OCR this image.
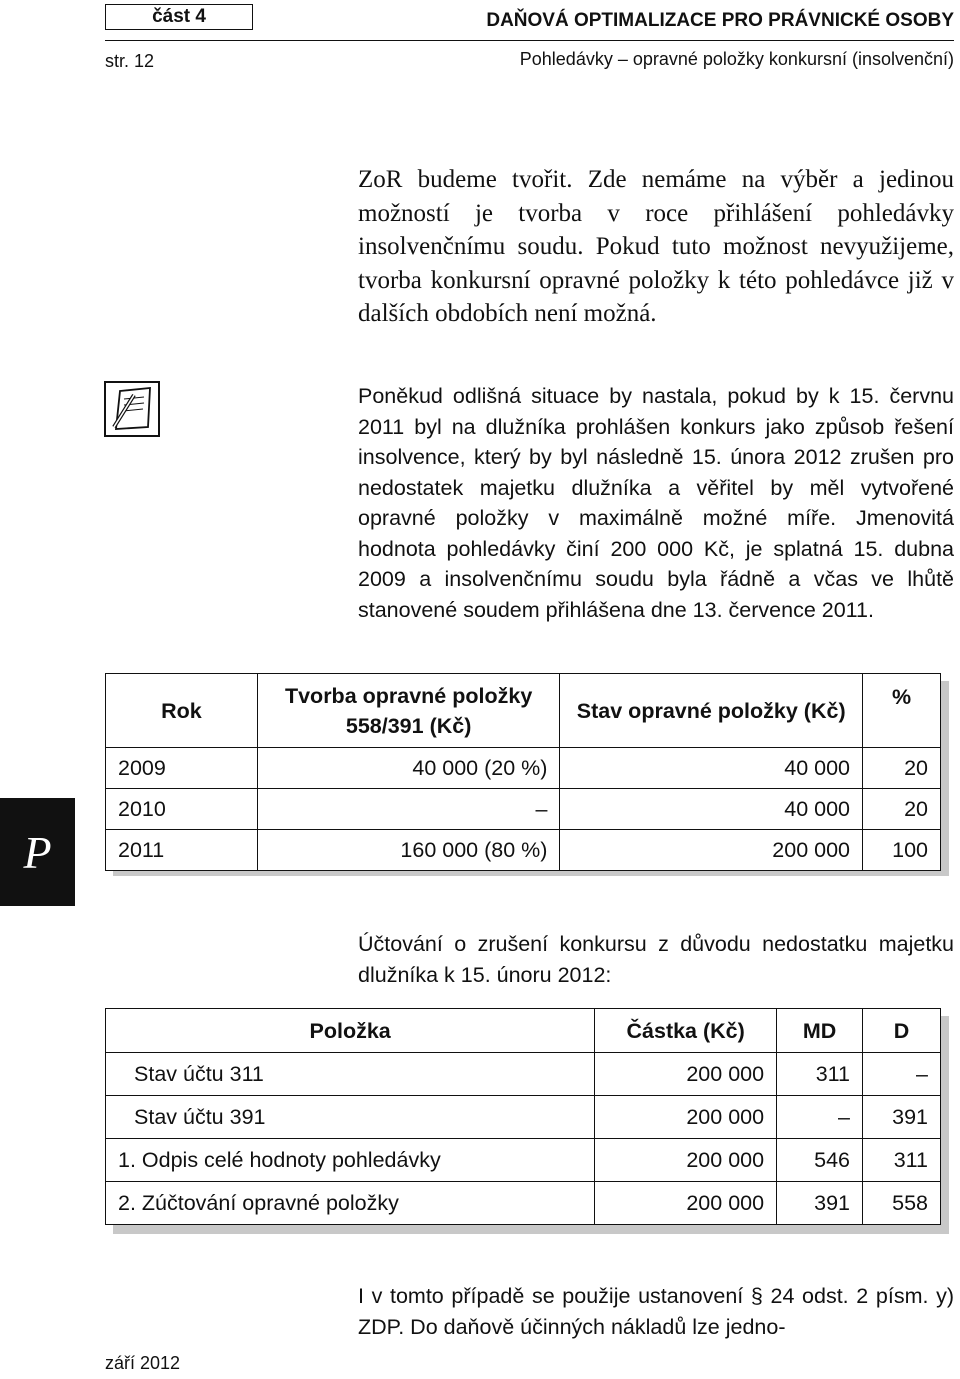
část 4
str. 12
DAŇOVÁ OPTIMALIZACE PRO PRÁVNICKÉ OSOBY
Pohledávky – opravné položky konkursní (insolvenční)
ZoR budeme tvořit. Zde nemáme na výběr a jedinou možností je tvorba v roce přihlášení pohledávky insolvenčnímu soudu. Pokud tuto možnost nevyužijeme, tvorba konkursní opravné položky k této pohledávce již v dalších obdobích není možná.
Poněkud odlišná situace by nastala, pokud by k 15. červnu 2011 byl na dlužníka prohlášen konkurs jako způsob řešení insolvence, který by byl následně 15. února 2012 zrušen pro nedostatek majetku dlužníka a věřitel by měl vytvořené opravné položky v maximálně možné míře. Jmenovitá hodnota pohledávky činí 200 000 Kč, je splatná 15. dubna 2009 a insolvenčnímu soudu byla řádně a včas ve lhůtě stanovené soudem přihlášena dne 13. července 2011.
Rok	Tvorba opravné položky 558/391 (Kč)	Stav opravné položky (Kč)	%
2009	40 000 (20 %)	40 000	20
2010	–	40 000	20
2011	160 000 (80 %)	200 000	100
P
Účtování o zrušení konkursu z důvodu nedostatku majetku dlužníka k 15. únoru 2012:
Položka	Částka (Kč)	MD	D
Stav účtu 311	200 000	311	–
Stav účtu 391	200 000	–	391
1. Odpis celé hodnoty pohledávky	200 000	546	311
2. Zúčtování opravné položky	200 000	391	558
I v tomto případě se použije ustanovení § 24 odst. 2 písm. y) ZDP. Do daňově účinných nákladů lze jedno-
září 2012
